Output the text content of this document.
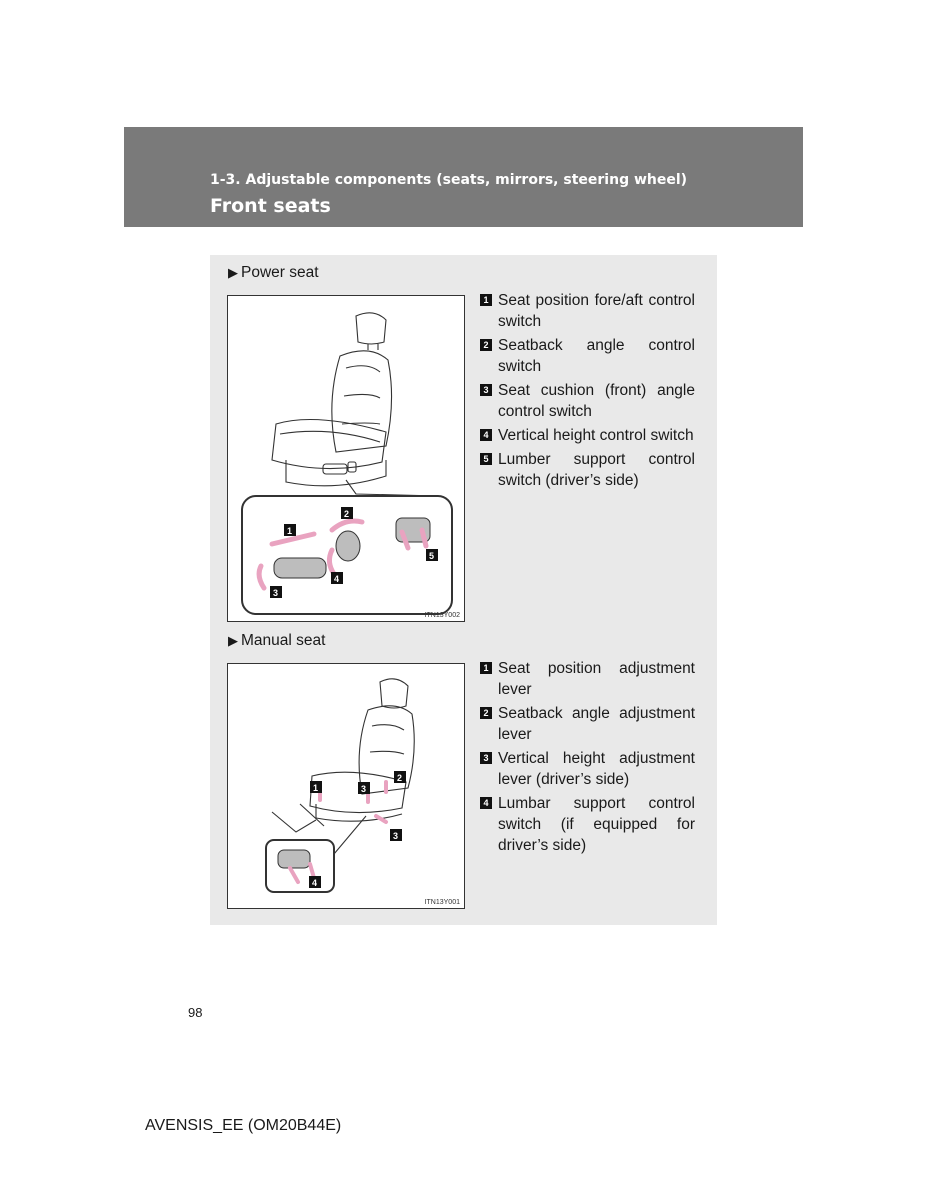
1-3. Adjustable components (seats, mirrors, steering wheel)
Front seats
▶ Power seat
1
2
3
4
5
ITN13Y002
1 Seat position fore/aft control switch
2 Seatback angle control switch
3 Seat cushion (front) angle control switch
4 Vertical height control switch
5 Lumber support control switch (driver’s side)
▶ Manual seat
1
2
3
3
4
ITN13Y001
1 Seat position adjustment lever
2 Seatback angle adjustment lever
3 Vertical height adjustment lever (driver’s side)
4 Lumbar support control switch (if equipped for driver’s side)
98
AVENSIS_EE (OM20B44E)
